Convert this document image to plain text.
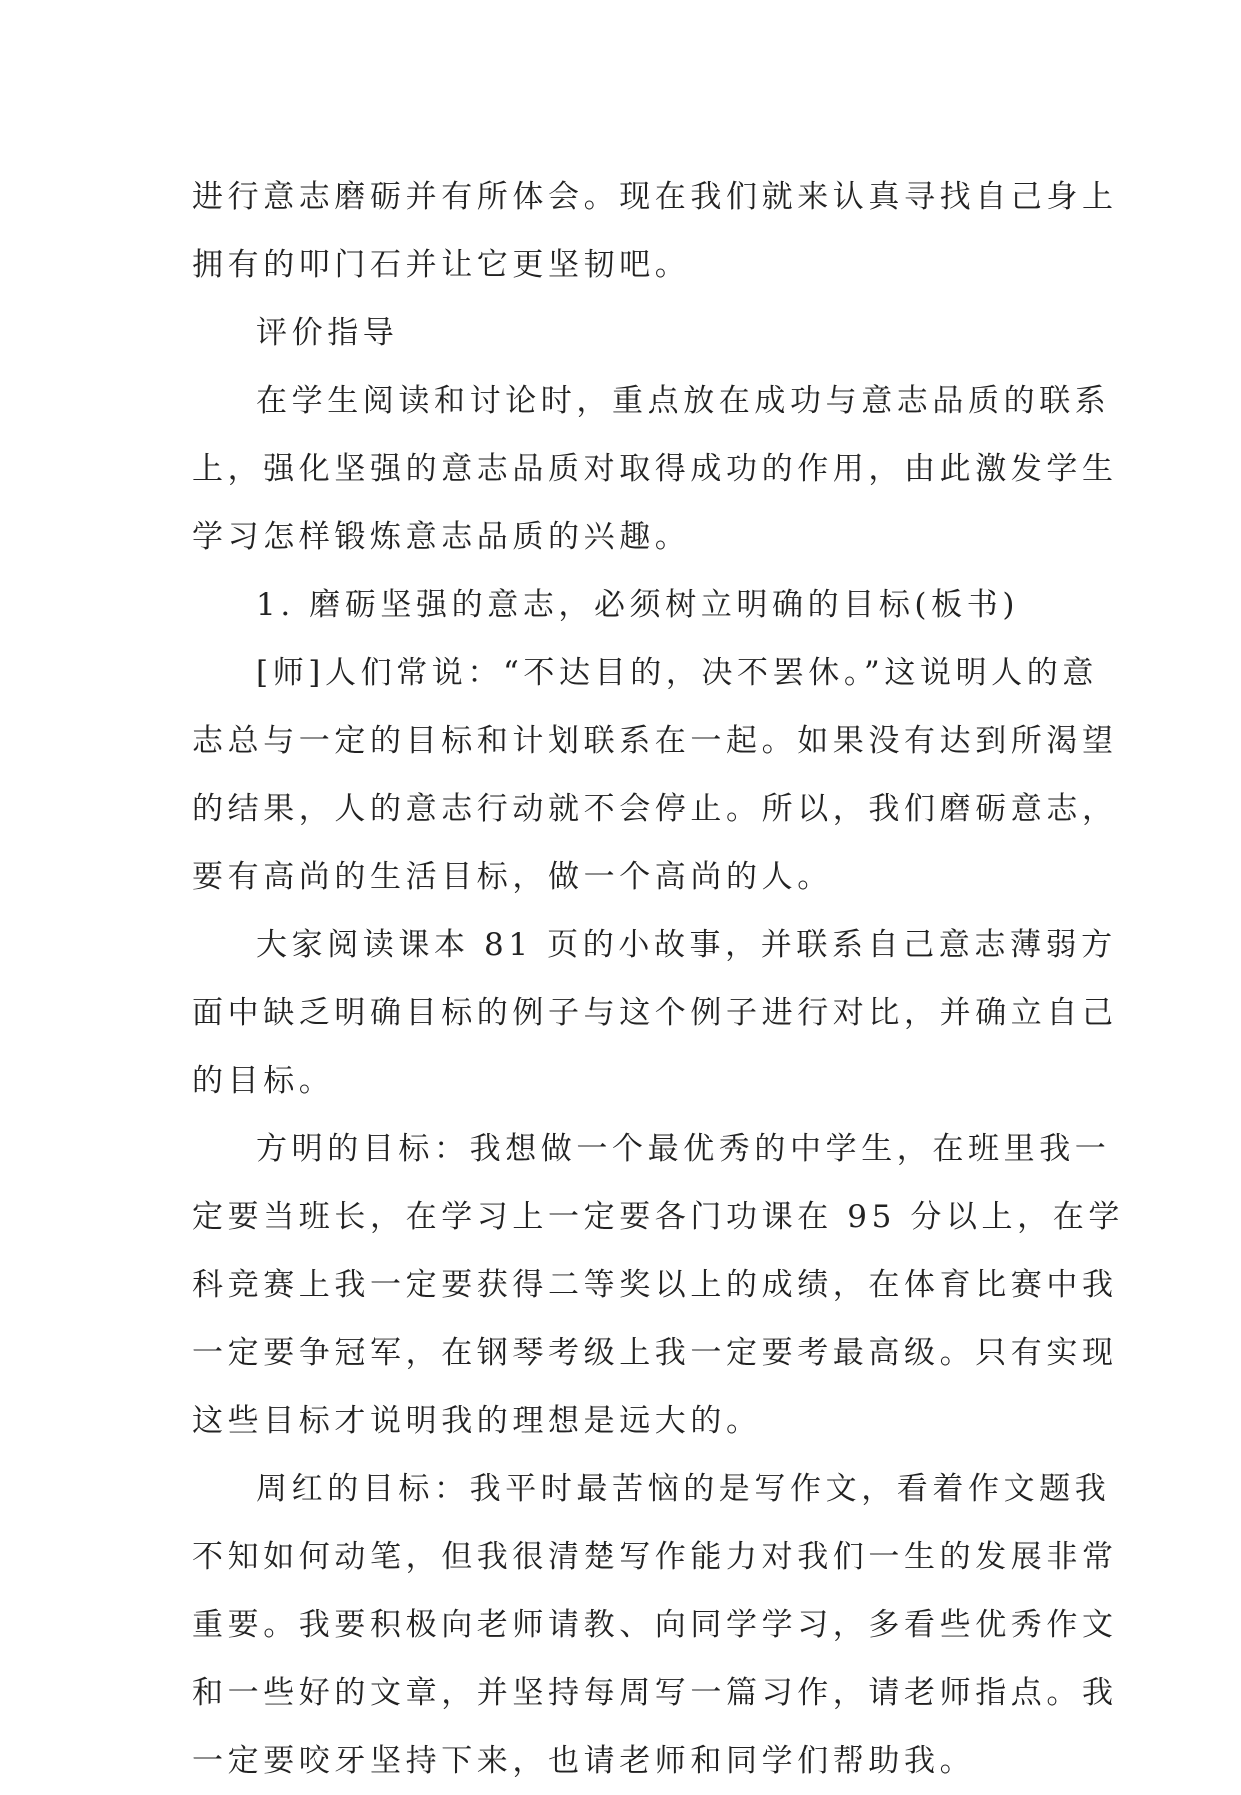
进行意志磨砺并有所体会。现在我们就来认真寻找自己身上
拥有的叩门石并让它更坚韧吧。
评价指导
在学生阅读和讨论时，重点放在成功与意志品质的联系
上，强化坚强的意志品质对取得成功的作用，由此激发学生
学习怎样锻炼意志品质的兴趣。
1. 磨砺坚强的意志，必须树立明确的目标(板书)
[师]人们常说：“不达目的，决不罢休。”这说明人的意
志总与一定的目标和计划联系在一起。如果没有达到所渴望
的结果，人的意志行动就不会停止。所以，我们磨砺意志，
要有高尚的生活目标，做一个高尚的人。
大家阅读课本 81 页的小故事，并联系自己意志薄弱方
面中缺乏明确目标的例子与这个例子进行对比，并确立自己
的目标。
方明的目标：我想做一个最优秀的中学生，在班里我一
定要当班长，在学习上一定要各门功课在 95 分以上，在学
科竞赛上我一定要获得二等奖以上的成绩，在体育比赛中我
一定要争冠军，在钢琴考级上我一定要考最高级。只有实现
这些目标才说明我的理想是远大的。
周红的目标：我平时最苦恼的是写作文，看着作文题我
不知如何动笔，但我很清楚写作能力对我们一生的发展非常
重要。我要积极向老师请教、向同学学习，多看些优秀作文
和一些好的文章，并坚持每周写一篇习作，请老师指点。我
一定要咬牙坚持下来，也请老师和同学们帮助我。
